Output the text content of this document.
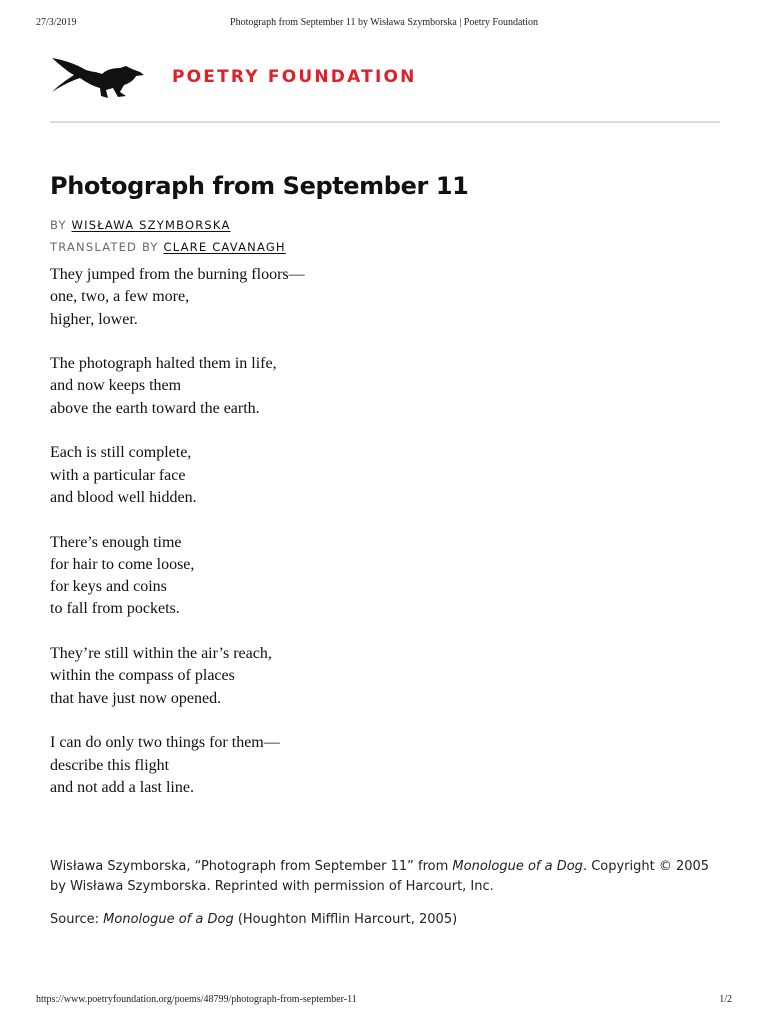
27/3/2019	Photograph from September 11 by Wisława Szymborska | Poetry Foundation
POETRY FOUNDATION
Photograph from September 11
BY WISŁAWA SZYMBORSKA
TRANSLATED BY CLARE CAVANAGH
They jumped from the burning floors—
one, two, a few more,
higher, lower.
The photograph halted them in life,
and now keeps them
above the earth toward the earth.
Each is still complete,
with a particular face
and blood well hidden.
There’s enough time
for hair to come loose,
for keys and coins
to fall from pockets.
They’re still within the air’s reach,
within the compass of places
that have just now opened.
I can do only two things for them—
describe this flight
and not add a last line.
Wisława Szymborska, “Photograph from September 11” from Monologue of a Dog. Copyright © 2005 by Wisława Szymborska. Reprinted with permission of Harcourt, Inc.
Source: Monologue of a Dog (Houghton Mifflin Harcourt, 2005)
https://www.poetryfoundation.org/poems/48799/photograph-from-september-11	1/2
